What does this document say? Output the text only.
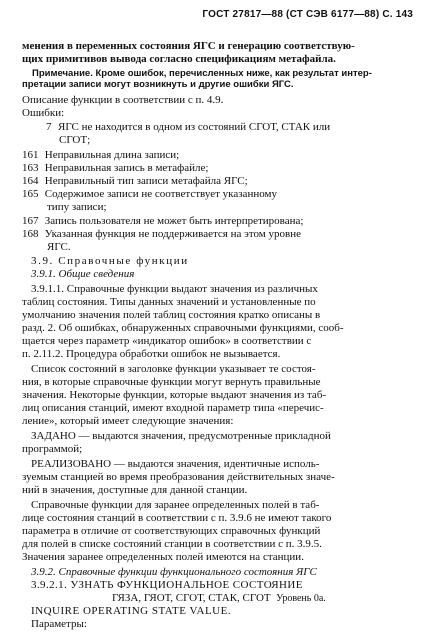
ГОСТ 27817—88 (СТ СЭВ 6177—88) С. 143
менения в переменных состояния ЯГС и генерацию соответствую-
щих примитивов вывода согласно спецификациям метафайла.
Примечание. Кроме ошибок, перечисленных ниже, как результат интер-
претации записи могут возникнуть и другие ошибки ЯГС.
Описание функции в соответствии с п. 4.9.
Ошибки:
7 ЯГС не находится в одном из состояний СГОТ, СТАК или
СГОТ;
161 Неправильная длина записи;
163 Неправильная запись в метафайле;
164 Неправильный тип записи метафайла ЯГС;
165 Содержимое записи не соответствует указанному
типу записи;
167 Запись пользователя не может быть интерпретирована;
168 Указанная функция не поддерживается на этом уровне
ЯГС.
3.9. Справочные функции
3.9.1. Общие сведения
3.9.1.1. Справочные функции выдают значения из различных
таблиц состояния. Типы данных значений и установленные по
умолчанию значения полей таблиц состояния кратко описаны в
разд. 2. Об ошибках, обнаруженных справочными функциями, сооб-
щается через параметр «индикатор ошибок» в соответствии с
п. 2.11.2. Процедура обработки ошибок не вызывается.
Список состояний в заголовке функции указывает те состоя-
ния, в которые справочные функции могут вернуть правильные
значения. Некоторые функции, которые выдают значения из таб-
лиц описания станций, имеют входной параметр типа «перечис-
ление», который имеет следующие значения:
ЗАДАНО — выдаются значения, предусмотренные прикладной
программой;
РЕАЛИЗОВАНО — выдаются значения, идентичные исполь-
зуемым станцией во время преобразования действительных значе-
ний в значения, доступные для данной станции.
Справочные функции для заранее определенных полей в таб-
лице состояния станций в соответствии с п. 3.9.6 не имеют такого
параметра в отличие от соответствующих справочных функций
для полей в списке состояний станции в соответствии с п. 3.9.5.
Значения заранее определенных полей имеются на станции.
3.9.2. Справочные функции функционального состояния ЯГС
3.9.2.1. УЗНАТЬ ФУНКЦИОНАЛЬНОЕ СОСТОЯНИЕ
ГЯЗА, ГЯОТ, СГОТ, СТАК, СГОТ Уровень 0а.
INQUIRE OPERATING STATE VALUE.
Параметры:
